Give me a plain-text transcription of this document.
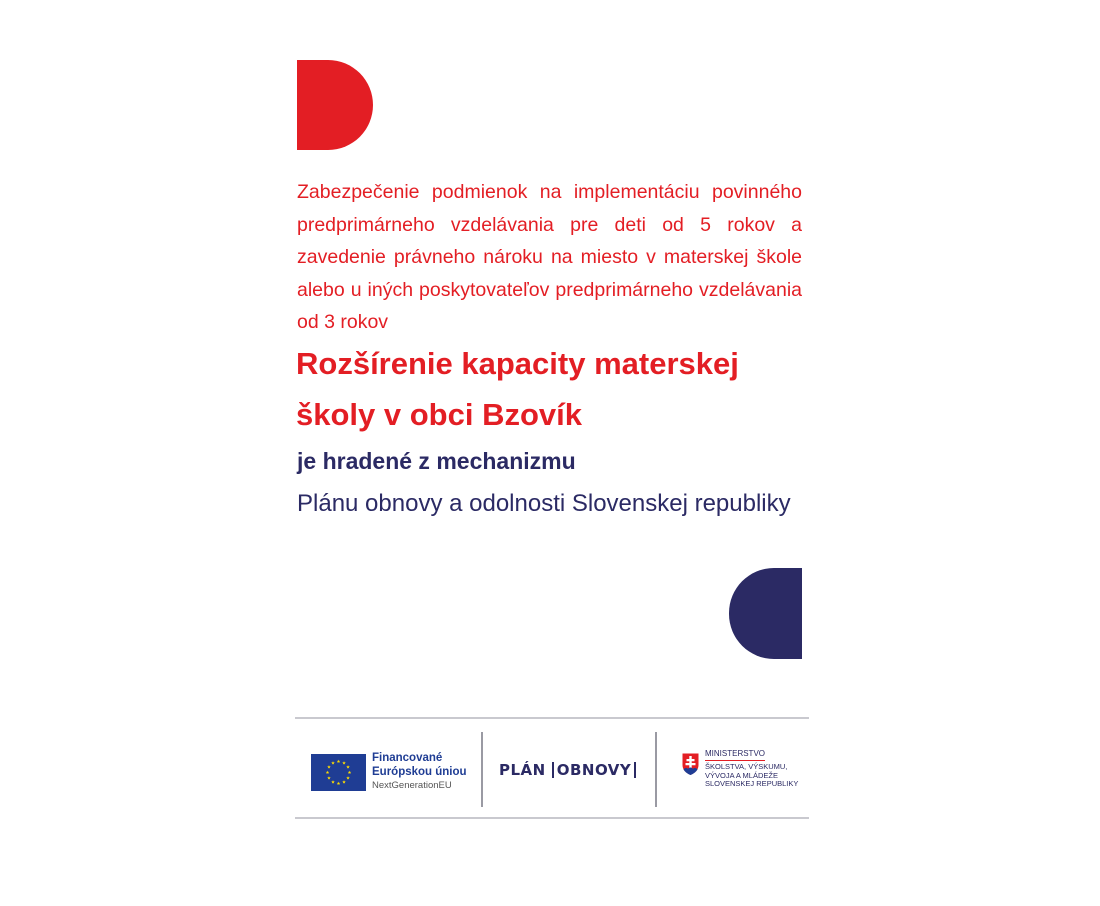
Zabezpečenie podmienok na implementáciu povinného predprimárneho vzdelávania pre deti od 5 rokov a zavedenie právneho nároku na miesto v materskej škole alebo u iných poskytovateľov predprimárneho vzdelávania od 3 rokov

Rozšírenie kapacity materskej školy v obci Bzovík

je hradené z mechanizmu

Plánu obnovy a odolnosti Slovenskej republiky

Financované
Európskou úniou
NextGenerationEU
PLÁN OBNOVY
MINISTERSTVO
ŠKOLSTVA, VÝSKUMU,
VÝVOJA A MLÁDEŽE
SLOVENSKEJ REPUBLIKY
